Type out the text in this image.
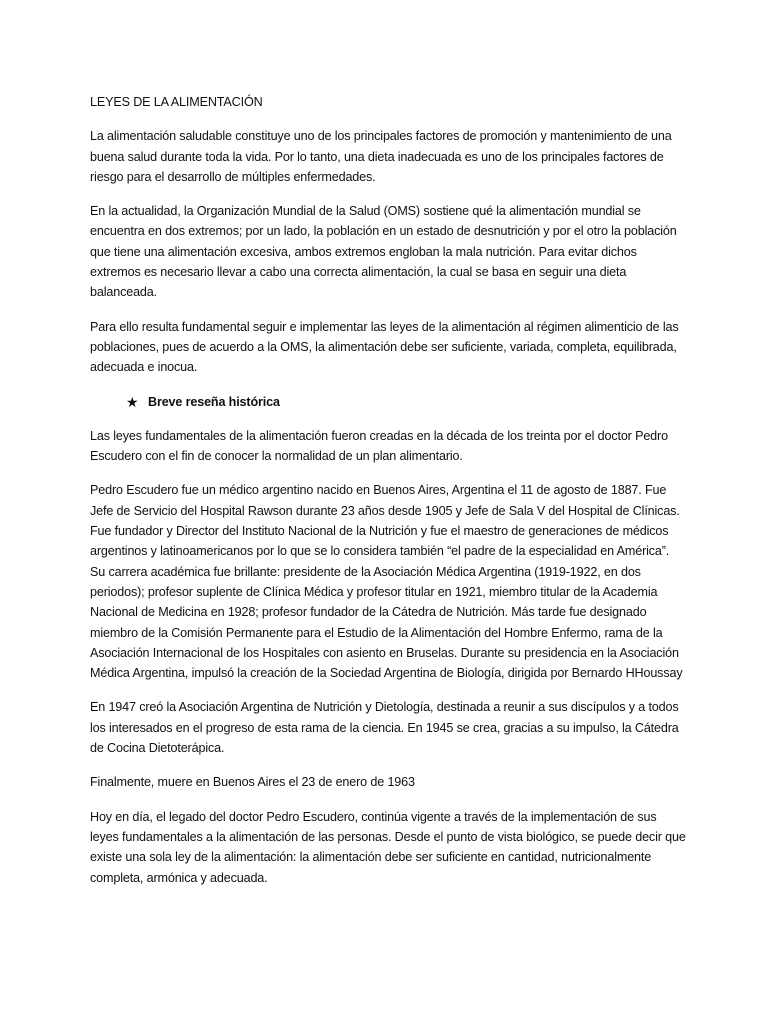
LEYES DE LA ALIMENTACIÓN

La alimentación saludable constituye uno de los principales factores de promoción y mantenimiento de una buena salud durante toda la vida. Por lo tanto, una dieta inadecuada es uno de los principales factores de riesgo para el desarrollo de múltiples enfermedades.

En la actualidad, la Organización Mundial de la Salud (OMS) sostiene qué la alimentación mundial se encuentra en dos extremos; por un lado, la población en un estado de desnutrición y por el otro la población que tiene una alimentación excesiva, ambos extremos engloban la mala nutrición. Para evitar dichos extremos es necesario llevar a cabo una correcta alimentación, la cual se basa en seguir una dieta balanceada.

Para ello resulta fundamental seguir e implementar las leyes de la alimentación al régimen alimenticio de las poblaciones, pues de acuerdo a la OMS, la alimentación debe ser suficiente, variada, completa, equilibrada, adecuada e inocua.

★ Breve reseña histórica

Las leyes fundamentales de la alimentación fueron creadas en la década de los treinta por el doctor Pedro Escudero con el fin de conocer la normalidad de un plan alimentario.

Pedro Escudero fue un médico argentino nacido en Buenos Aires, Argentina el 11 de agosto de 1887. Fue Jefe de Servicio del Hospital Rawson durante 23 años desde 1905 y Jefe de Sala V del Hospital de Clínicas. Fue fundador y Director del Instituto Nacional de la Nutrición y fue el maestro de generaciones de médicos argentinos y latinoamericanos por lo que se lo considera también “el padre de la especialidad en América”. Su carrera académica fue brillante: presidente de la Asociación Médica Argentina (1919-1922, en dos periodos); profesor suplente de Clínica Médica y profesor titular en 1921, miembro titular de la Academia Nacional de Medicina en 1928; profesor fundador de la Cátedra de Nutrición. Más tarde fue designado miembro de la Comisión Permanente para el Estudio de la Alimentación del Hombre Enfermo, rama de la Asociación Internacional de los Hospitales con asiento en Bruselas. Durante su presidencia en la Asociación Médica Argentina, impulsó la creación de la Sociedad Argentina de Biología, dirigida por Bernardo HHoussay

En 1947 creó la Asociación Argentina de Nutrición y Dietología, destinada a reunir a sus discípulos y a todos los interesados en el progreso de esta rama de la ciencia. En 1945 se crea, gracias a su impulso, la Cátedra de Cocina Dietoterápica.

Finalmente, muere en Buenos Aires el 23 de enero de 1963

Hoy en día, el legado del doctor Pedro Escudero, continúa vigente a través de la implementación de sus leyes fundamentales a la alimentación de las personas. Desde el punto de vista biológico, se puede decir que existe una sola ley de la alimentación: la alimentación debe ser suficiente en cantidad, nutricionalmente completa, armónica y adecuada.
